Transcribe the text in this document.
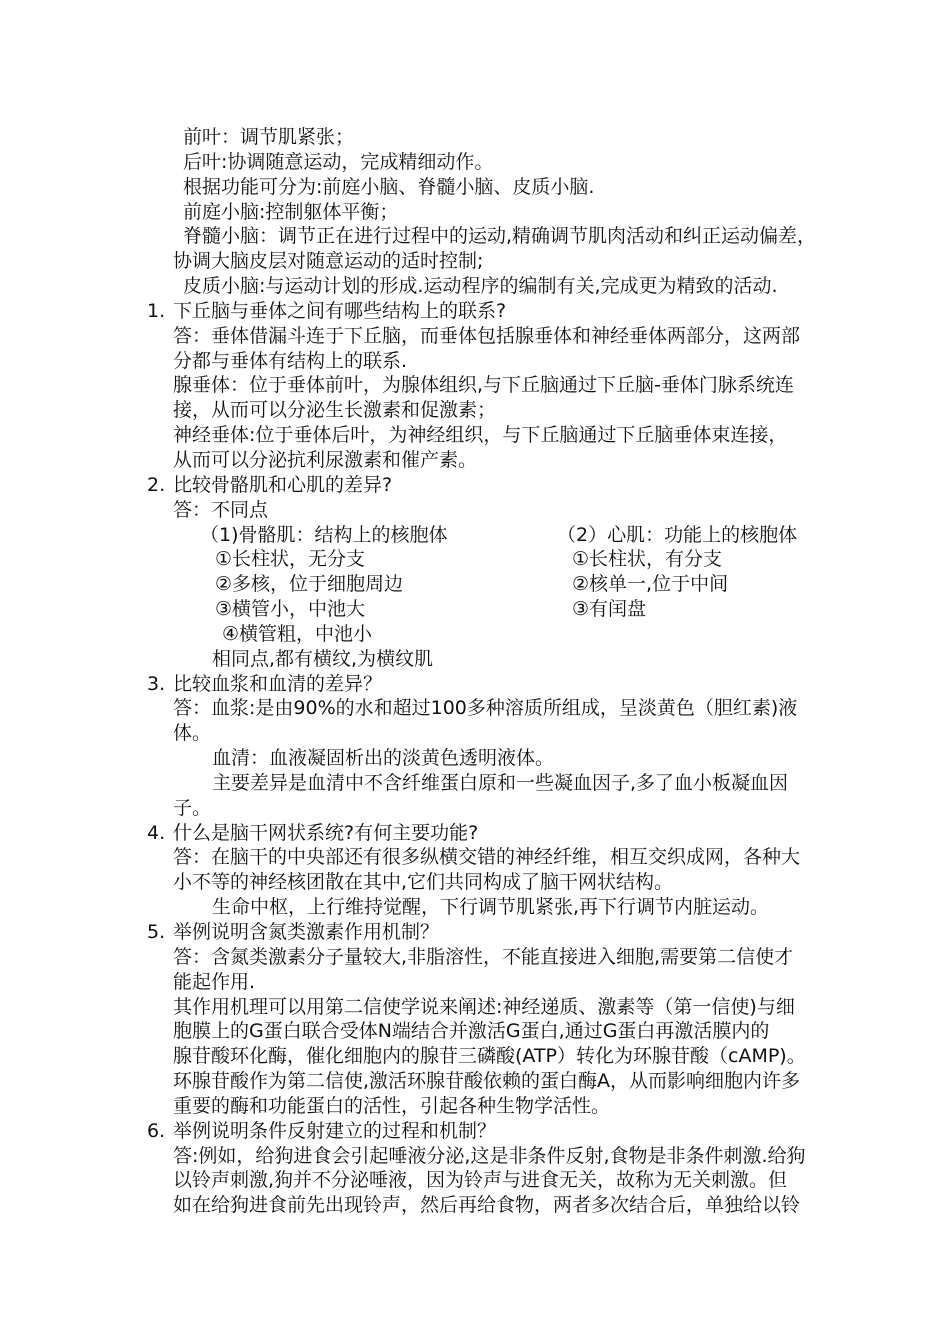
前叶：调节肌紧张；
后叶:协调随意运动，完成精细动作。
根据功能可分为:前庭小脑、脊髓小脑、皮质小脑.
前庭小脑:控制躯体平衡；
脊髓小脑：调节正在进行过程中的运动,精确调节肌肉活动和纠正运动偏差，
协调大脑皮层对随意运动的适时控制;
皮质小脑:与运动计划的形成.运动程序的编制有关,完成更为精致的活动.
1. 下丘脑与垂体之间有哪些结构上的联系?
答：垂体借漏斗连于下丘脑，而垂体包括腺垂体和神经垂体两部分，这两部
分都与垂体有结构上的联系.
腺垂体：位于垂体前叶，为腺体组织,与下丘脑通过下丘脑-垂体门脉系统连
接，从而可以分泌生长激素和促激素；
神经垂体:位于垂体后叶，为神经组织，与下丘脑通过下丘脑垂体束连接，
从而可以分泌抗利尿激素和催产素。
2. 比较骨骼肌和心肌的差异?
答：不同点
（1)骨骼肌：结构上的核胞体	（2）心肌：功能上的核胞体
①长柱状，无分支	①长柱状，有分支
②多核，位于细胞周边	②核单一,位于中间
③横管小，中池大	③有闰盘
④横管粗，中池小
相同点,都有横纹,为横纹肌
3. 比较血浆和血清的差异？
答：血浆:是由90%的水和超过100多种溶质所组成，呈淡黄色（胆红素)液
体。
血清：血液凝固析出的淡黄色透明液体。
主要差异是血清中不含纤维蛋白原和一些凝血因子,多了血小板凝血因
子。
4. 什么是脑干网状系统?有何主要功能?
答：在脑干的中央部还有很多纵横交错的神经纤维，相互交织成网，各种大
小不等的神经核团散在其中,它们共同构成了脑干网状结构。
生命中枢，上行维持觉醒，下行调节肌紧张,再下行调节内脏运动。
5. 举例说明含氮类激素作用机制？
答：含氮类激素分子量较大,非脂溶性，不能直接进入细胞,需要第二信使才
能起作用.
其作用机理可以用第二信使学说来阐述:神经递质、激素等（第一信使)与细
胞膜上的G蛋白联合受体N端结合并激活G蛋白,通过G蛋白再激活膜内的
腺苷酸环化酶，催化细胞内的腺苷三磷酸(ATP）转化为环腺苷酸（cAMP)。
环腺苷酸作为第二信使,激活环腺苷酸依赖的蛋白酶A，从而影响细胞内许多
重要的酶和功能蛋白的活性，引起各种生物学活性。
6. 举例说明条件反射建立的过程和机制？
答:例如，给狗进食会引起唾液分泌,这是非条件反射,食物是非条件刺激.给狗
以铃声刺激,狗并不分泌唾液，因为铃声与进食无关，故称为无关刺激。但
如在给狗进食前先出现铃声，然后再给食物，两者多次结合后，单独给以铃
